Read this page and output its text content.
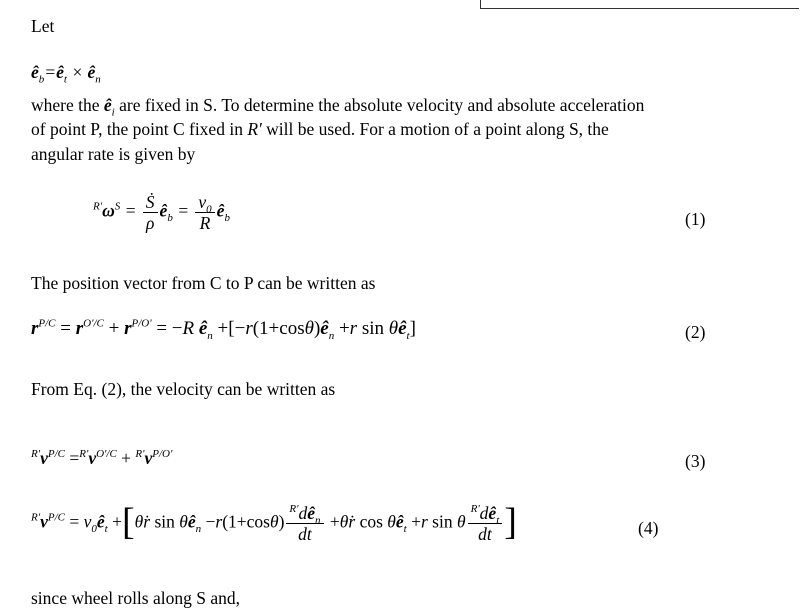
Let
$ê_b=ê_t$ × $ê_n$
where the $ê_i$ are fixed in S. To determine the absolute velocity and absolute acceleration
of point P, the point C fixed in R' will be used. For a motion of a point along S, the
angular rate is given by
$^{R'}\omega^S = \frac{\text{Ṡ}}{\rho}$ $ê_b = \frac{v_0}{R}$ $ê_b$	(1)
The position vector from C to P can be written as
$r^{P/C} = r^{O'/C} + r^{P/O'} = -R$ $ê_n$ $+[-r(1+\cos\theta)ê_n +r$ $\sin \theta ê_t$]	(2)
From Eq. (2), the velocity can be written as
$^{R'}v^{P/C} =^{R'}v^{O'/C} + ^{R'}v^{P/O'}$	(3)
$^{R'}v^{P/C}$ = $v_0ê_t$ +[θ̇r $\sin \theta ê_n -r(1+\cos\theta) \frac{^{R'}dê_n}{dt}$ +θ̇r $\cos \theta ê_t +r$ sin θ $\frac{^{R'}dê_t}{dt}$ ]	(4)
since wheel rolls along S and,
